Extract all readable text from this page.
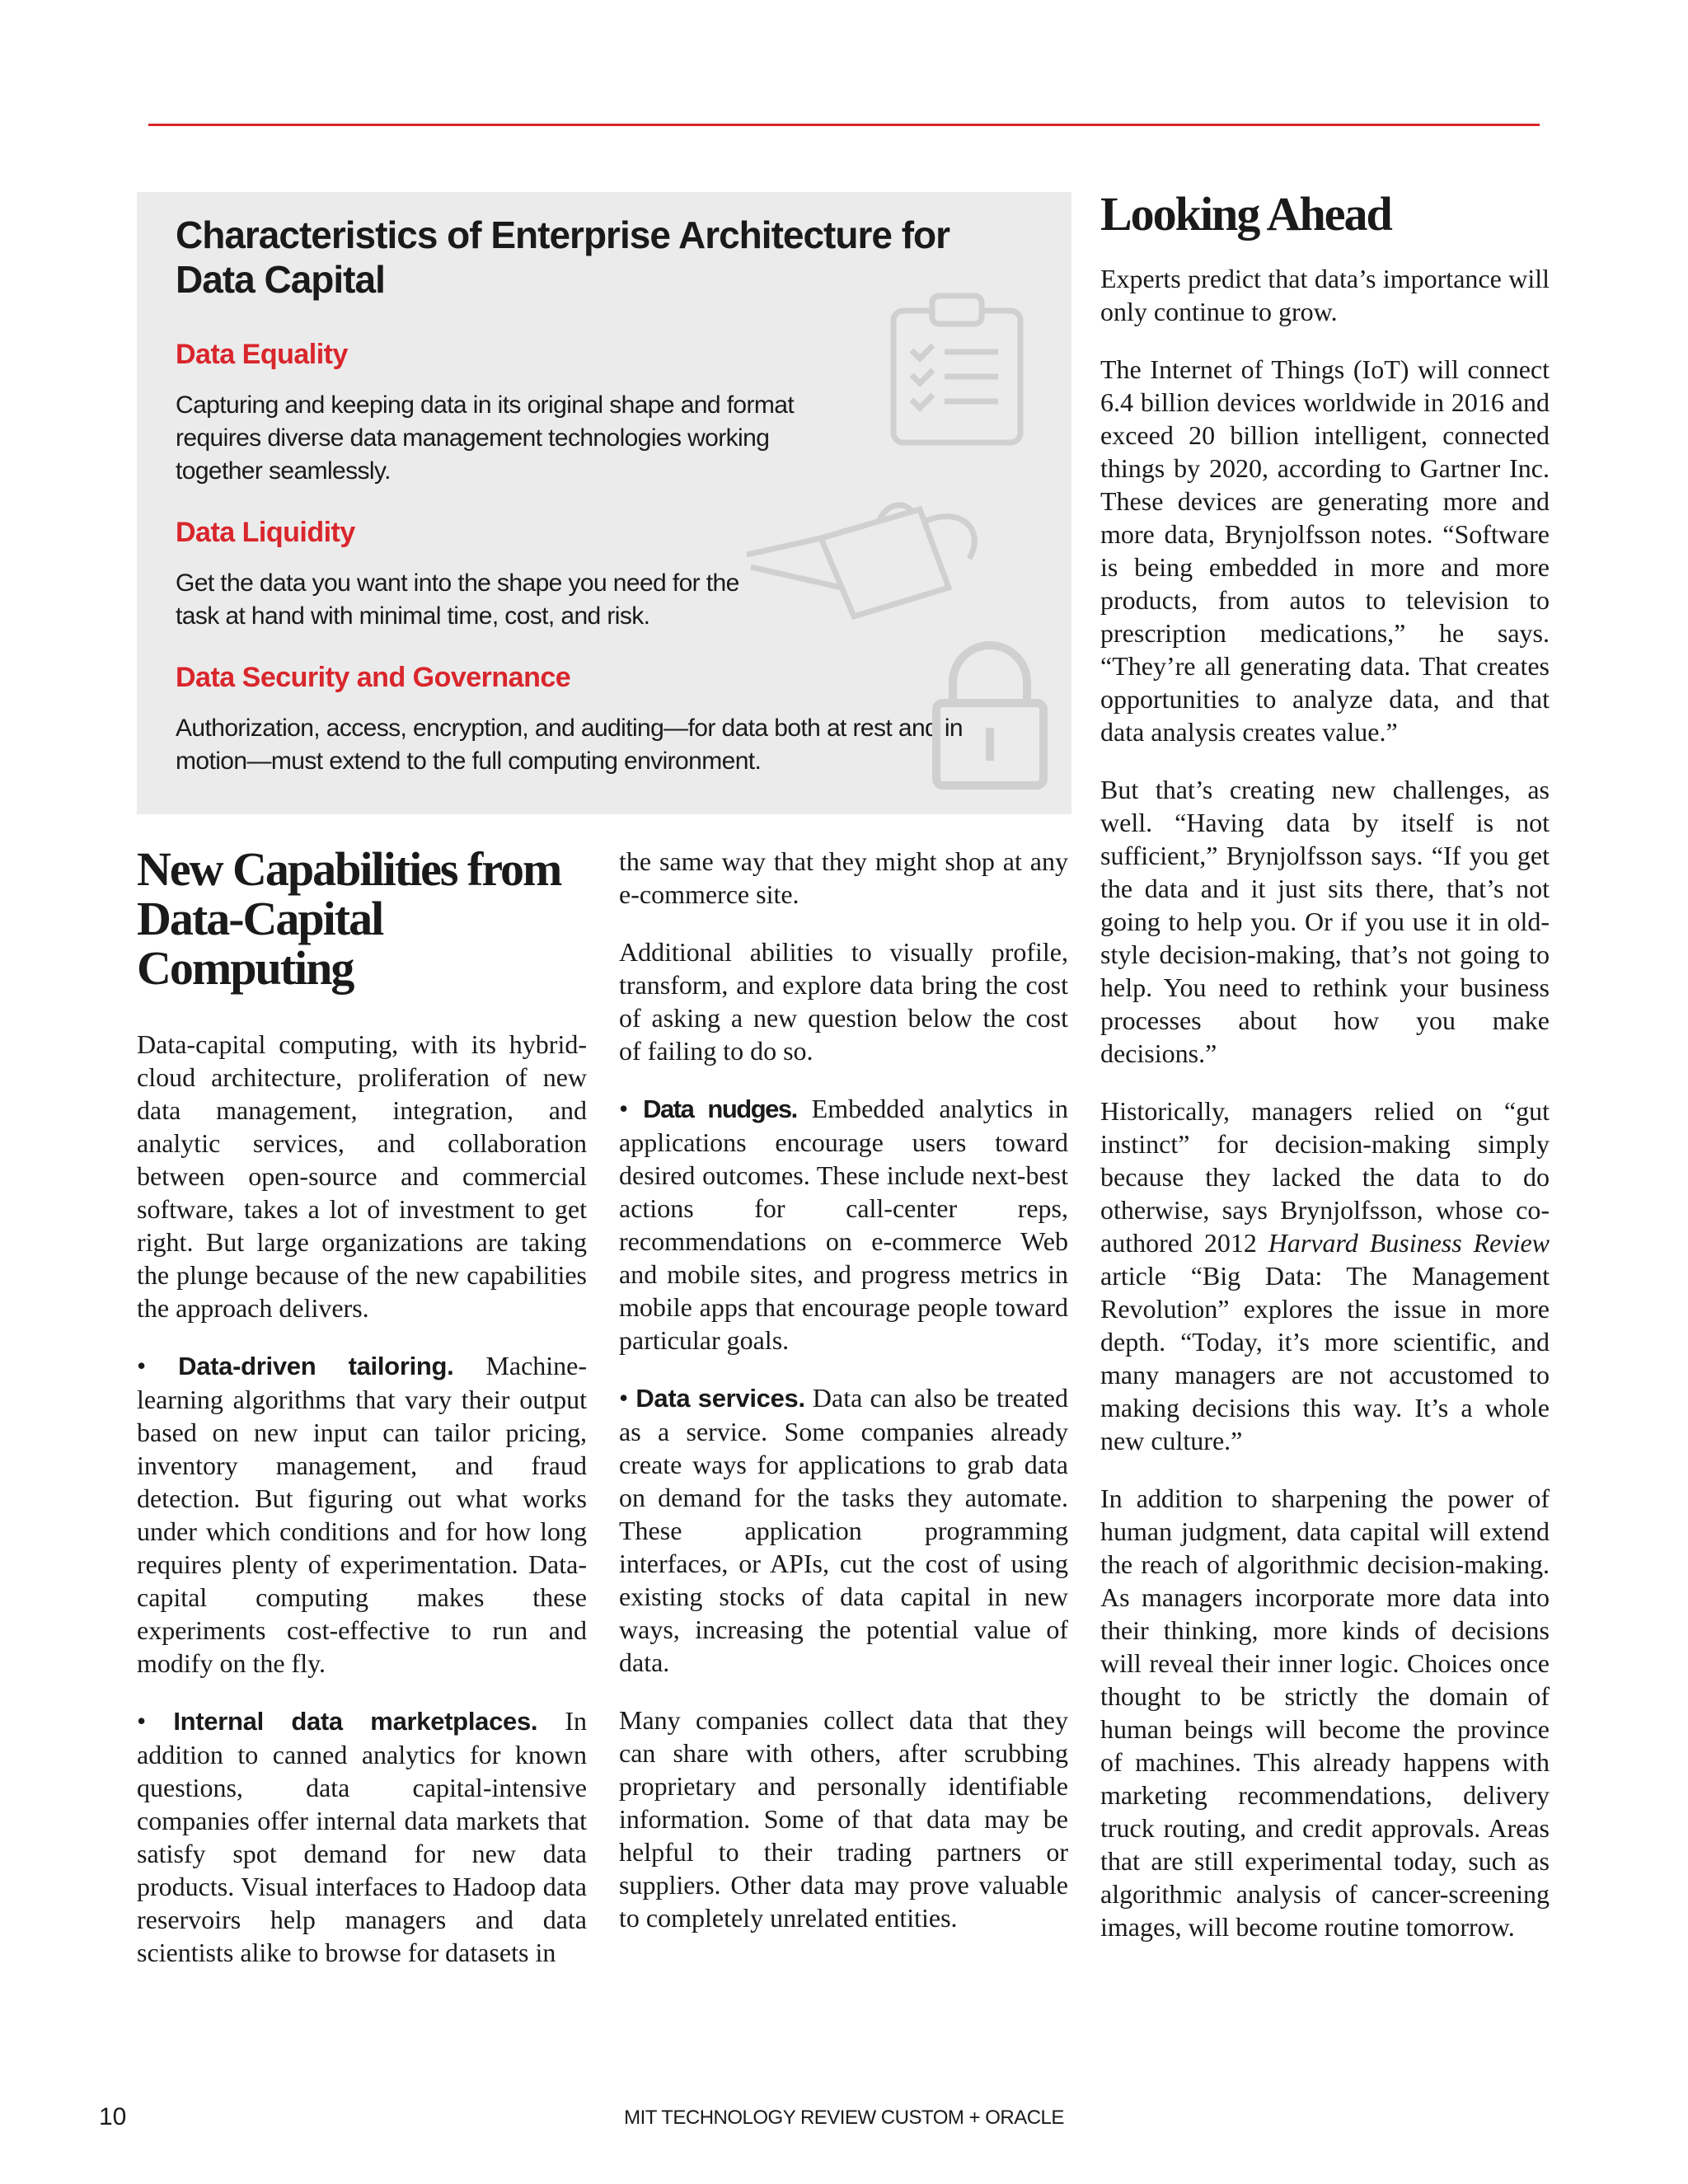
Characteristics of Enterprise Architecture for Data Capital
Data Equality

Capturing and keeping data in its original shape and format requires diverse data management technologies working together seamlessly.

Data Liquidity

Get the data you want into the shape you need for the task at hand with minimal time, cost, and risk.

Data Security and Governance

Authorization, access, encryption, and auditing—for data both at rest and in motion—must extend to the full computing environment.

New Capabilities from Data-Capital Computing

Data-capital computing, with its hybrid-cloud architecture, proliferation of new data management, integration, and analytic services, and collaboration between open-source and commercial software, takes a lot of investment to get right. But large organizations are taking the plunge because of the new capabilities the approach delivers.

• Data-driven tailoring. Machine-learning algorithms that vary their output based on new input can tailor pricing, inventory management, and fraud detection. But figuring out what works under which conditions and for how long requires plenty of experimentation. Data-capital computing makes these experiments cost-effective to run and modify on the fly.

• Internal data marketplaces. In addition to canned analytics for known questions, data capital-intensive companies offer internal data markets that satisfy spot demand for new data products. Visual interfaces to Hadoop data reservoirs help managers and data scientists alike to browse for datasets in

the same way that they might shop at any e-commerce site.

Additional abilities to visually profile, transform, and explore data bring the cost of asking a new question below the cost of failing to do so.

• Data nudges. Embedded analytics in applications encourage users toward desired outcomes. These include next-best actions for call-center reps, recommendations on e-commerce Web and mobile sites, and progress metrics in mobile apps that encourage people toward particular goals.

• Data services. Data can also be treated as a service. Some companies already create ways for applications to grab data on demand for the tasks they automate. These application programming interfaces, or APIs, cut the cost of using existing stocks of data capital in new ways, increasing the potential value of data.

Many companies collect data that they can share with others, after scrubbing proprietary and personally identifiable information. Some of that data may be helpful to their trading partners or suppliers. Other data may prove valuable to completely unrelated entities.

Looking Ahead

Experts predict that data’s importance will only continue to grow.

The Internet of Things (IoT) will connect 6.4 billion devices worldwide in 2016 and exceed 20 billion intelligent, connected things by 2020, according to Gartner Inc. These devices are generating more and more data, Brynjolfsson notes. “Software is being embedded in more and more products, from autos to television to prescription medications,” he says. “They’re all generating data. That creates opportunities to analyze data, and that data analysis creates value.”

But that’s creating new challenges, as well. “Having data by itself is not sufficient,” Brynjolfsson says. “If you get the data and it just sits there, that’s not going to help you. Or if you use it in old-style decision-making, that’s not going to help. You need to rethink your business processes about how you make decisions.”

Historically, managers relied on “gut instinct” for decision-making simply because they lacked the data to do otherwise, says Brynjolfsson, whose co-authored 2012 Harvard Business Review article “Big Data: The Management Revolution” explores the issue in more depth. “Today, it’s more scientific, and many managers are not accustomed to making decisions this way. It’s a whole new culture.”

In addition to sharpening the power of human judgment, data capital will extend the reach of algorithmic decision-making. As managers incorporate more data into their thinking, more kinds of decisions will reveal their inner logic. Choices once thought to be strictly the domain of human beings will become the province of machines. This already happens with marketing recommendations, delivery truck routing, and credit approvals. Areas that are still experimental today, such as algorithmic analysis of cancer-screening images, will become routine tomorrow.

10	MIT TECHNOLOGY REVIEW CUSTOM + ORACLE
